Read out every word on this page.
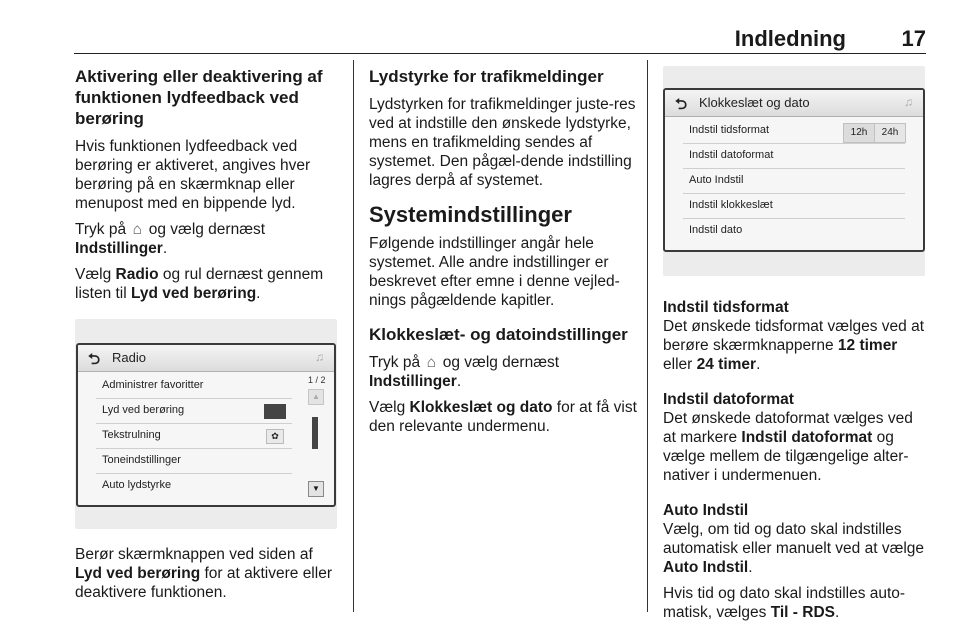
Indledning	17
Aktivering eller deaktivering af funktionen lydfeedback ved berøring

Hvis funktionen lydfeedback ved berøring er aktiveret, angives hver berøring på en skærmknap eller menupost med en bippende lyd.

Tryk på ⌂ og vælg dernæst Indstillinger.

Vælg Radio og rul dernæst gennem listen til Lyd ved berøring.

⮌ Radio	♫
Administrer favoritter
Lyd ved berøring
Tekstrulning	✿
Toneindstillinger
Auto lydstyrke
1 / 2
▲
▼

Berør skærmknappen ved siden af Lyd ved berøring for at aktivere eller deaktivere funktionen.

Lydstyrke for trafikmeldinger

Lydstyrken for trafikmeldinger juste-res ved at indstille den ønskede lydstyrke, mens en trafikmelding sendes af systemet. Den pågæl-dende indstilling lagres derpå af systemet.

Systemindstillinger

Følgende indstillinger angår hele systemet. Alle andre indstillinger er beskrevet efter emne i denne vejled-nings pågældende kapitler.

Klokkeslæt- og datoindstillinger

Tryk på ⌂ og vælg dernæst Indstillinger.

Vælg Klokkeslæt og dato for at få vist den relevante undermenu.

⮌ Klokkeslæt og dato	♫
Indstil tidsformat	12h	24h
Indstil datoformat
Auto Indstil
Indstil klokkeslæt
Indstil dato
Indstil tidsformat

Det ønskede tidsformat vælges ved at berøre skærmknapperne 12 timer eller 24 timer.

Indstil datoformat

Det ønskede datoformat vælges ved at markere Indstil datoformat og vælge mellem de tilgængelige alter-nativer i undermenuen.

Auto Indstil

Vælg, om tid og dato skal indstilles automatisk eller manuelt ved at vælge Auto Indstil.

Hvis tid og dato skal indstilles auto-matisk, vælges Til - RDS.
